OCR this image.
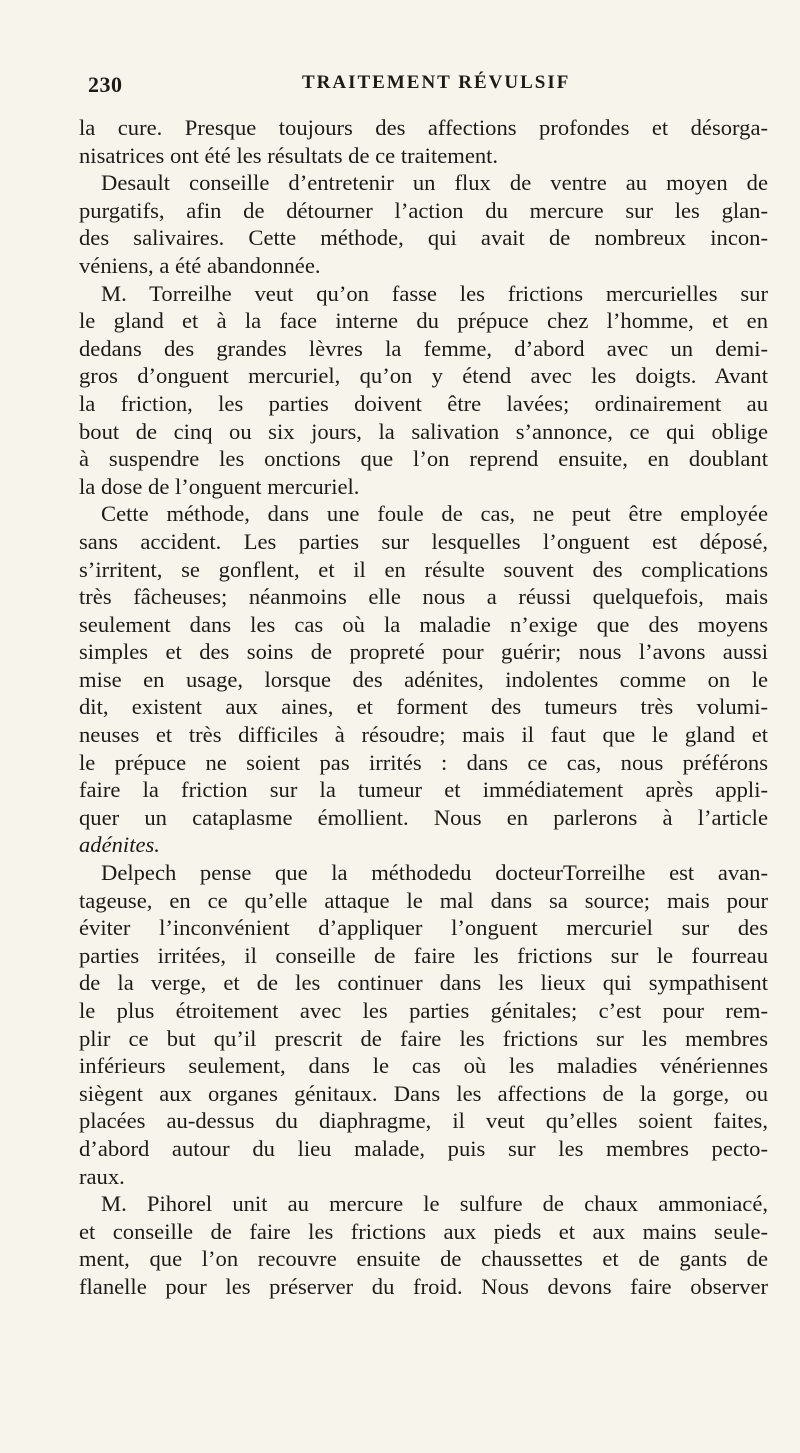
230	TRAITEMENT RÉVULSIF
la cure. Presque toujours des affections profondes et désorga-
nisatrices ont été les résultats de ce traitement.
Desault conseille d’entretenir un flux de ventre au moyen de
purgatifs, afin de détourner l’action du mercure sur les glan-
des salivaires. Cette méthode, qui avait de nombreux incon-
véniens, a été abandonnée.
M. Torreilhe veut qu’on fasse les frictions mercurielles sur
le gland et à la face interne du prépuce chez l’homme, et en
dedans des grandes lèvres la femme, d’abord avec un demi-
gros d’onguent mercuriel, qu’on y étend avec les doigts. Avant
la friction, les parties doivent être lavées; ordinairement au
bout de cinq ou six jours, la salivation s’annonce, ce qui oblige
à suspendre les onctions que l’on reprend ensuite, en doublant
la dose de l’onguent mercuriel.
Cette méthode, dans une foule de cas, ne peut être employée
sans accident. Les parties sur lesquelles l’onguent est déposé,
s’irritent, se gonflent, et il en résulte souvent des complications
très fâcheuses; néanmoins elle nous a réussi quelquefois, mais
seulement dans les cas où la maladie n’exige que des moyens
simples et des soins de propreté pour guérir; nous l’avons aussi
mise en usage, lorsque des adénites, indolentes comme on le
dit, existent aux aines, et forment des tumeurs très volumi-
neuses et très difficiles à résoudre; mais il faut que le gland et
le prépuce ne soient pas irrités : dans ce cas, nous préférons
faire la friction sur la tumeur et immédiatement après appli-
quer un cataplasme émollient. Nous en parlerons à l’article
adénites.
Delpech pense que la méthodedu docteurTorreilhe est avan-
tageuse, en ce qu’elle attaque le mal dans sa source; mais pour
éviter l’inconvénient d’appliquer l’onguent mercuriel sur des
parties irritées, il conseille de faire les frictions sur le fourreau
de la verge, et de les continuer dans les lieux qui sympathisent
le plus étroitement avec les parties génitales; c’est pour rem-
plir ce but qu’il prescrit de faire les frictions sur les membres
inférieurs seulement, dans le cas où les maladies vénériennes
siègent aux organes génitaux. Dans les affections de la gorge, ou
placées au-dessus du diaphragme, il veut qu’elles soient faites,
d’abord autour du lieu malade, puis sur les membres pecto-
raux.
M. Pihorel unit au mercure le sulfure de chaux ammoniacé,
et conseille de faire les frictions aux pieds et aux mains seule-
ment, que l’on recouvre ensuite de chaussettes et de gants de
flanelle pour les préserver du froid. Nous devons faire observer
